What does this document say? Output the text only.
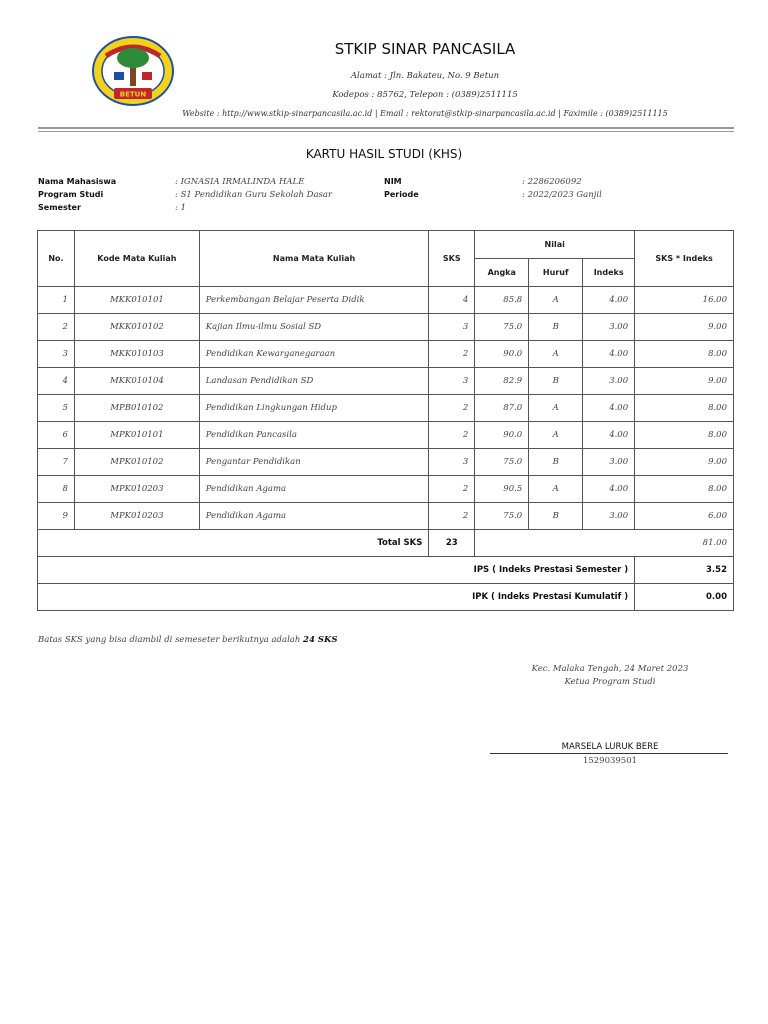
BETUN
STKIP SINAR PANCASILA
Alamat : Jln. Bakateu, No. 9 Betun
Kodepos : 85762, Telepon : (0389)2511115
Website : http://www.stkip-sinarpancasila.ac.id | Email : rektorat@stkip-sinarpancasila.ac.id | Faximile : (0389)2511115
KARTU HASIL STUDI (KHS)
Nama Mahasiswa	: IGNASIA IRMALINDA HALE
Program Studi	: S1 Pendidikan Guru Sekolah Dasar
Semester	: 1
NIM	: 2286206092
Periode	: 2022/2023 Ganjil
No.	Kode Mata Kuliah	Nama Mata Kuliah	SKS	Nilai			SKS * Indeks
				Angka	Huruf	Indeks	
1	MKK010101	Perkembangan Belajar Peserta Didik	4	85.8	A	4.00	16.00
2	MKK010102	Kajian Ilmu-ilmu Sosial SD	3	75.0	B	3.00	9.00
3	MKK010103	Pendidikan Kewarganegaraan	2	90.0	A	4.00	8.00
4	MKK010104	Landasan Pendidikan SD	3	82.9	B	3.00	9.00
5	MPB010102	Pendidikan Lingkungan Hidup	2	87.0	A	4.00	8.00
6	MPK010101	Pendidikan Pancasila	2	90.0	A	4.00	8.00
7	MPK010102	Pengantar Pendidikan	3	75.0	B	3.00	9.00
8	MPK010203	Pendidikan Agama	2	90.5	A	4.00	8.00
9	MPK010203	Pendidikan Agama	2	75.0	B	3.00	6.00
Total SKS			23	81.00			
IPS ( Indeks Prestasi Semester )							3.52
IPK ( Indeks Prestasi Kumulatif )							0.00
Batas SKS yang bisa diambil di semeseter berikutnya adalah 24 SKS
Kec. Malaka Tengah, 24 Maret 2023
Ketua Program Studi
MARSELA LURUK BERE
1529039501
